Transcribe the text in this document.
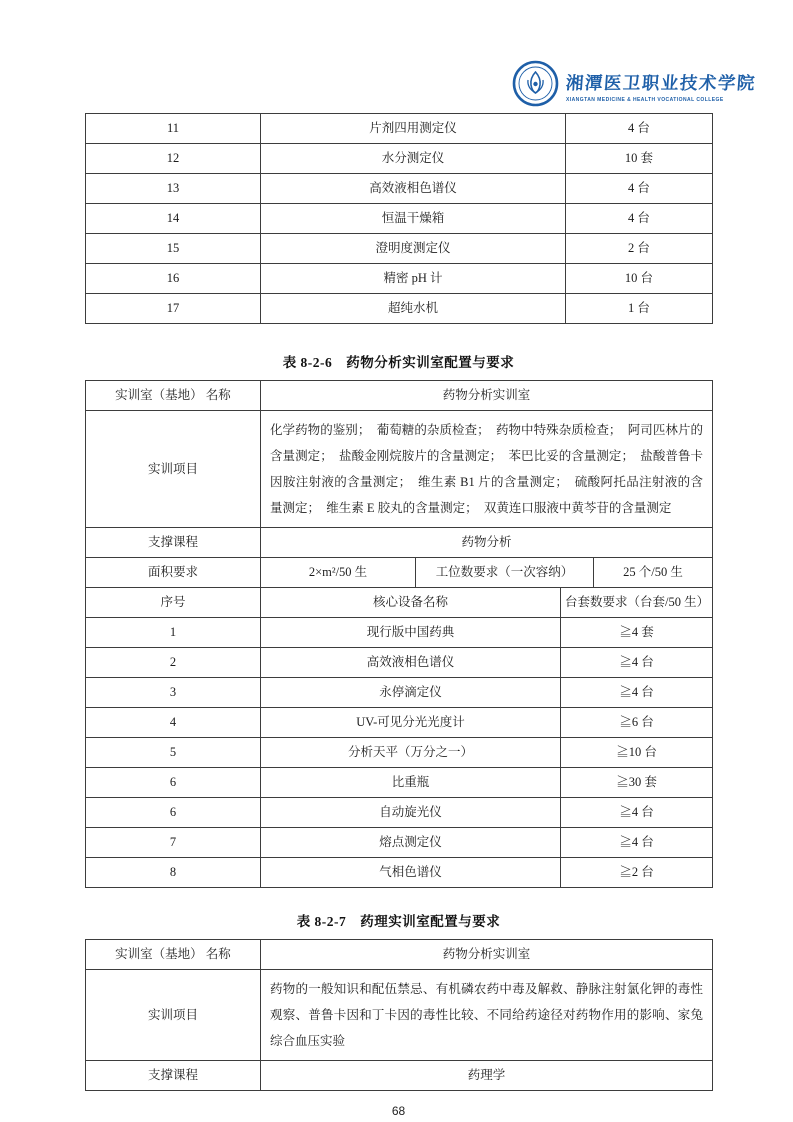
湘潭医卫职业技术学院
XIANGTAN MEDICINE & HEALTH VOCATIONAL COLLEGE
11	片剂四用测定仪	4 台
12	水分测定仪	10 套
13	高效液相色谱仪	4 台
14	恒温干燥箱	4 台
15	澄明度测定仪	2 台
16	精密 pH 计	10 台
17	超纯水机	1 台
表 8-2-6　药物分析实训室配置与要求
实训室（基地） 名称	药物分析实训室			
实训项目	化学药物的鉴别；　葡萄糖的杂质检查；　药物中特殊杂质检查；　阿司匹林片的含量测定；　盐酸金刚烷胺片的含量测定；　苯巴比妥的含量测定；　盐酸普鲁卡因胺注射液的含量测定；　维生素 B1 片的含量测定；　硫酸阿托品注射液的含量测定；　维生素 E 胶丸的含量测定；　双黄连口服液中黄芩苷的含量测定			
支撑课程	药物分析			
面积要求	2×m²/50 生	工位数要求（一次容纳）		25 个/50 生
序号	核心设备名称		台套数要求（台套/50 生）	
1	现行版中国药典		≧4 套	
2	高效液相色谱仪		≧4 台	
3	永停滴定仪		≧4 台	
4	UV-可见分光光度计		≧6 台	
5	分析天平（万分之一）		≧10 台	
6	比重瓶		≧30 套	
6	自动旋光仪		≧4 台	
7	熔点测定仪		≧4 台	
8	气相色谱仪		≧2 台	
表 8-2-7　药理实训室配置与要求
实训室（基地） 名称	药物分析实训室
实训项目	药物的一般知识和配伍禁忌、有机磷农药中毒及解救、静脉注射氯化钾的毒性观察、普鲁卡因和丁卡因的毒性比较、不同给药途径对药物作用的影响、家兔综合血压实验
支撑课程	药理学
68
